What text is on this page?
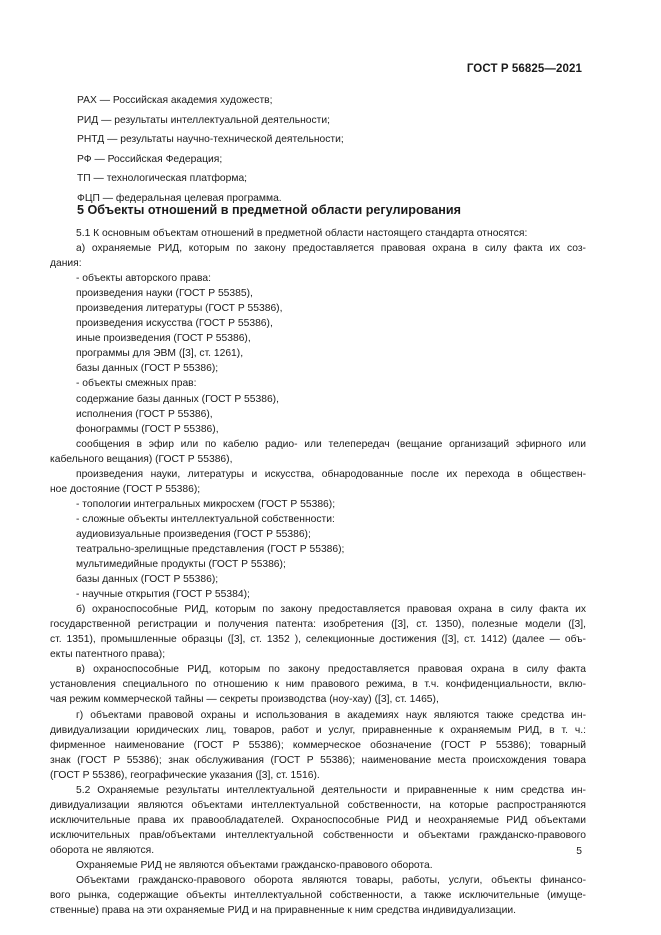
ГОСТ Р 56825—2021
РАХ — Российская академия художеств;
РИД — результаты интеллектуальной деятельности;
РНТД — результаты научно-технической деятельности;
РФ — Российская Федерация;
ТП — технологическая платформа;
ФЦП — федеральная целевая программа.
5 Объекты отношений в предметной области регулирования
5.1 К основным объектам отношений в предметной области настоящего стандарта относятся:
а) охраняемые РИД, которым по закону предоставляется правовая охрана в силу факта их соз-
дания:
- объекты авторского права:
произведения науки (ГОСТ Р 55385),
произведения литературы (ГОСТ Р 55386),
произведения искусства (ГОСТ Р 55386),
иные произведения (ГОСТ Р 55386),
программы для ЭВМ ([3], ст. 1261),
базы данных (ГОСТ Р 55386);
- объекты смежных прав:
содержание базы данных (ГОСТ Р 55386),
исполнения (ГОСТ Р 55386),
фонограммы (ГОСТ Р 55386),
сообщения в эфир или по кабелю радио- или телепередач (вещание организаций эфирного или
кабельного вещания) (ГОСТ Р 55386),
произведения науки, литературы и искусства, обнародованные после их перехода в обществен-
ное достояние (ГОСТ Р 55386);
- топологии интегральных микросхем (ГОСТ Р 55386);
- сложные объекты интеллектуальной собственности:
аудиовизуальные произведения (ГОСТ Р 55386);
театрально-зрелищные представления (ГОСТ Р 55386);
мультимедийные продукты (ГОСТ Р 55386);
базы данных (ГОСТ Р 55386);
- научные открытия (ГОСТ Р 55384);
б) охраноспособные РИД, которым по закону предоставляется правовая охрана в силу факта их
государственной регистрации и получения патента: изобретения ([3], ст. 1350), полезные модели ([3],
ст. 1351), промышленные образцы ([3], ст. 1352 ), селекционные достижения ([3], ст. 1412) (далее — объ-
екты патентного права);
в) охраноспособные РИД, которым по закону предоставляется правовая охрана в силу факта
установления специального по отношению к ним правового режима, в т.ч. конфиденциальности, вклю-
чая режим коммерческой тайны — секреты производства (ноу-хау) ([3], ст. 1465),
г) объектами правовой охраны и использования в академиях наук являются также средства ин-
дивидуализации юридических лиц, товаров, работ и услуг, приравненные к охраняемым РИД, в т. ч.:
фирменное наименование (ГОСТ Р 55386); коммерческое обозначение (ГОСТ Р 55386); товарный
знак (ГОСТ Р 55386); знак обслуживания (ГОСТ Р 55386); наименование места происхождения товара
(ГОСТ Р 55386), географические указания ([3], ст. 1516).
5.2 Охраняемые результаты интеллектуальной деятельности и приравненные к ним средства ин-
дивидуализации являются объектами интеллектуальной собственности, на которые распространяются
исключительные права их правообладателей. Охраноспособные РИД и неохраняемые РИД объектами
исключительных прав/объектами интеллектуальной собственности и объектами гражданско-правового
оборота не являются.
Охраняемые РИД не являются объектами гражданско-правового оборота.
Объектами гражданско-правового оборота являются товары, работы, услуги, объекты финансо-
вого рынка, содержащие объекты интеллектуальной собственности, а также исключительные (имуще-
ственные) права на эти охраняемые РИД и на приравненные к ним средства индивидуализации.
5
